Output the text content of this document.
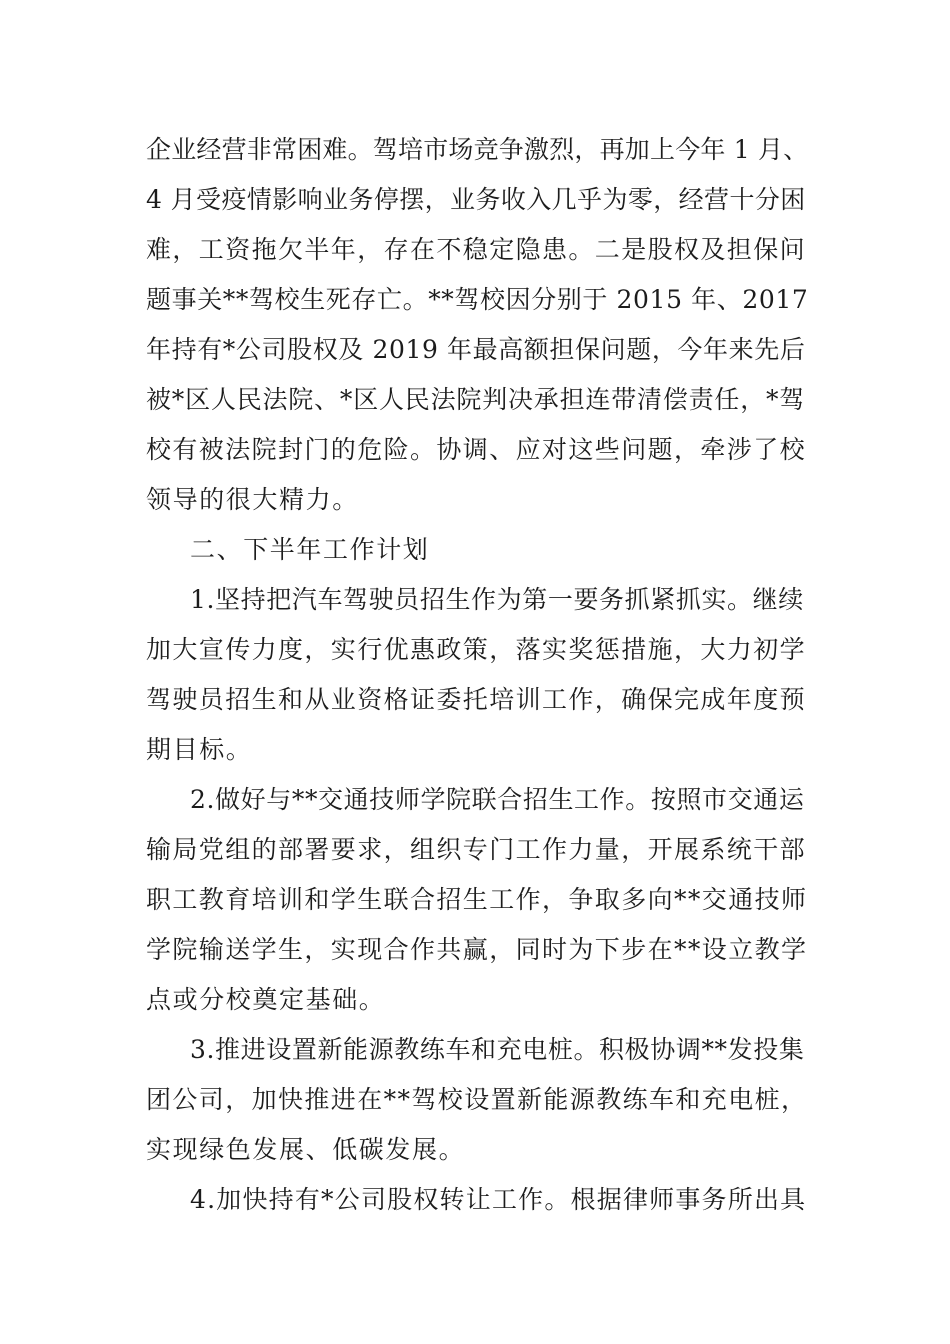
企业经营非常困难。驾培市场竞争激烈，再加上今年 1 月、
4 月受疫情影响业务停摆，业务收入几乎为零，经营十分困
难，工资拖欠半年，存在不稳定隐患。二是股权及担保问
题事关**驾校生死存亡。**驾校因分别于 2015 年、2017
年持有*公司股权及 2019 年最高额担保问题，今年来先后
被*区人民法院、*区人民法院判决承担连带清偿责任，*驾
校有被法院封门的危险。协调、应对这些问题，牵涉了校
领导的很大精力。
二、下半年工作计划
1.坚持把汽车驾驶员招生作为第一要务抓紧抓实。继续
加大宣传力度，实行优惠政策，落实奖惩措施，大力初学
驾驶员招生和从业资格证委托培训工作，确保完成年度预
期目标。
2.做好与**交通技师学院联合招生工作。按照市交通运
输局党组的部署要求，组织专门工作力量，开展系统干部
职工教育培训和学生联合招生工作，争取多向**交通技师
学院输送学生，实现合作共赢，同时为下步在**设立教学
点或分校奠定基础。
3.推进设置新能源教练车和充电桩。积极协调**发投集
团公司，加快推进在**驾校设置新能源教练车和充电桩，
实现绿色发展、低碳发展。
4.加快持有*公司股权转让工作。根据律师事务所出具
